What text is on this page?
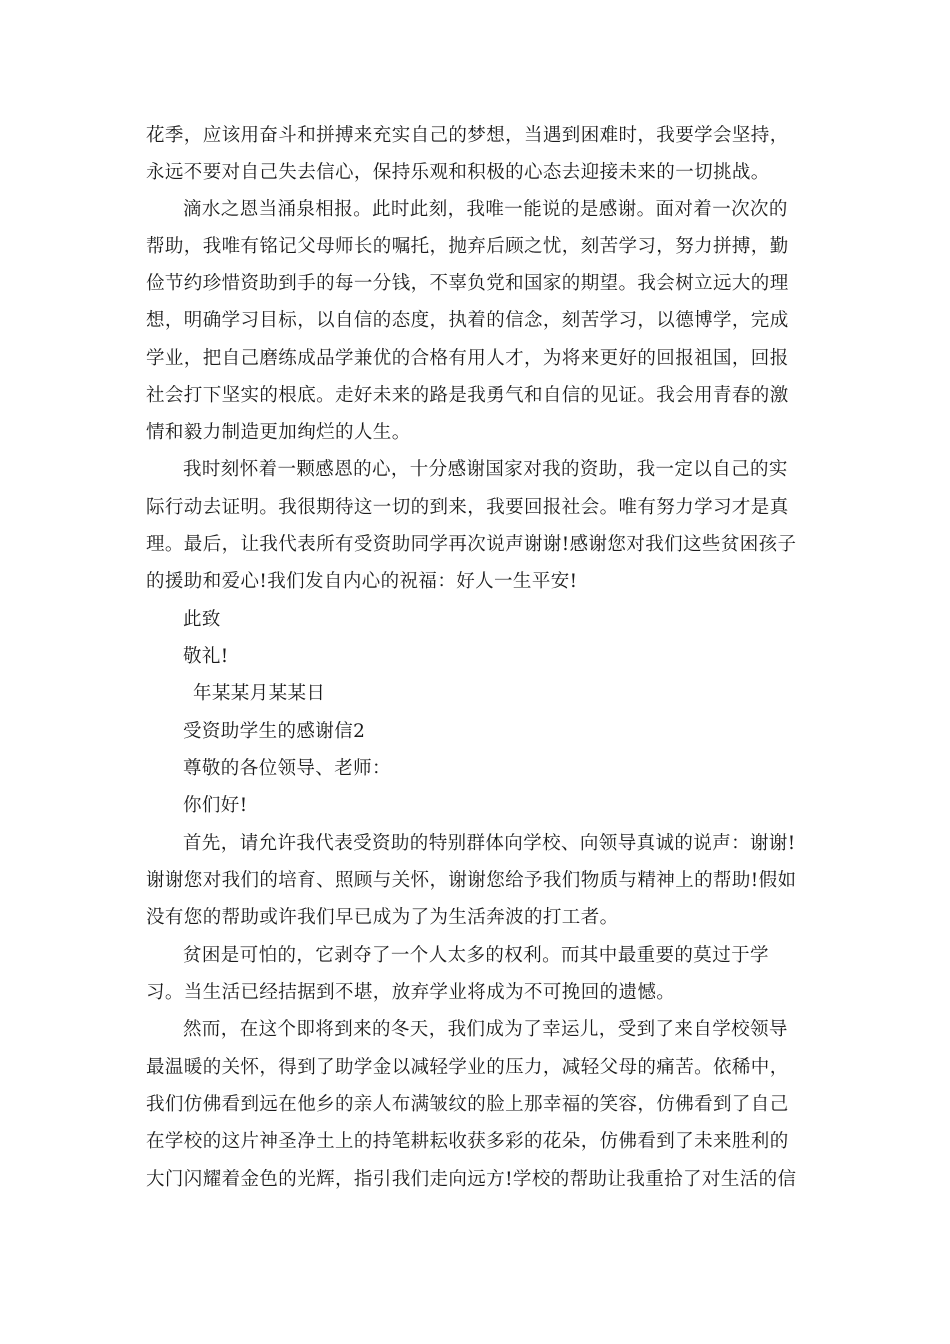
花季，应该用奋斗和拼搏来充实自己的梦想，当遇到困难时，我要学会坚持，
永远不要对自己失去信心，保持乐观和积极的心态去迎接未来的一切挑战。
滴水之恩当涌泉相报。此时此刻，我唯一能说的是感谢。面对着一次次的
帮助，我唯有铭记父母师长的嘱托，抛弃后顾之忧，刻苦学习，努力拼搏，勤
俭节约珍惜资助到手的每一分钱，不辜负党和国家的期望。我会树立远大的理
想，明确学习目标，以自信的态度，执着的信念，刻苦学习，以德博学，完成
学业，把自己磨练成品学兼优的合格有用人才，为将来更好的回报祖国，回报
社会打下坚实的根底。走好未来的路是我勇气和自信的见证。我会用青春的激
情和毅力制造更加绚烂的人生。
我时刻怀着一颗感恩的心，十分感谢国家对我的资助，我一定以自己的实
际行动去证明。我很期待这一切的到来，我要回报社会。唯有努力学习才是真
理。最后，让我代表所有受资助同学再次说声谢谢!感谢您对我们这些贫困孩子
的援助和爱心!我们发自内心的祝福：好人一生平安!
此致
敬礼!
年某某月某某日
受资助学生的感谢信2
尊敬的各位领导、老师：
你们好!
首先，请允许我代表受资助的特别群体向学校、向领导真诚的说声：谢谢!
谢谢您对我们的培育、照顾与关怀，谢谢您给予我们物质与精神上的帮助!假如
没有您的帮助或许我们早已成为了为生活奔波的打工者。
贫困是可怕的，它剥夺了一个人太多的权利。而其中最重要的莫过于学
习。当生活已经拮据到不堪，放弃学业将成为不可挽回的遗憾。
然而，在这个即将到来的冬天，我们成为了幸运儿，受到了来自学校领导
最温暖的关怀，得到了助学金以减轻学业的压力，减轻父母的痛苦。依稀中，
我们仿佛看到远在他乡的亲人布满皱纹的脸上那幸福的笑容，仿佛看到了自己
在学校的这片神圣净土上的持笔耕耘收获多彩的花朵，仿佛看到了未来胜利的
大门闪耀着金色的光辉，指引我们走向远方!学校的帮助让我重拾了对生活的信
